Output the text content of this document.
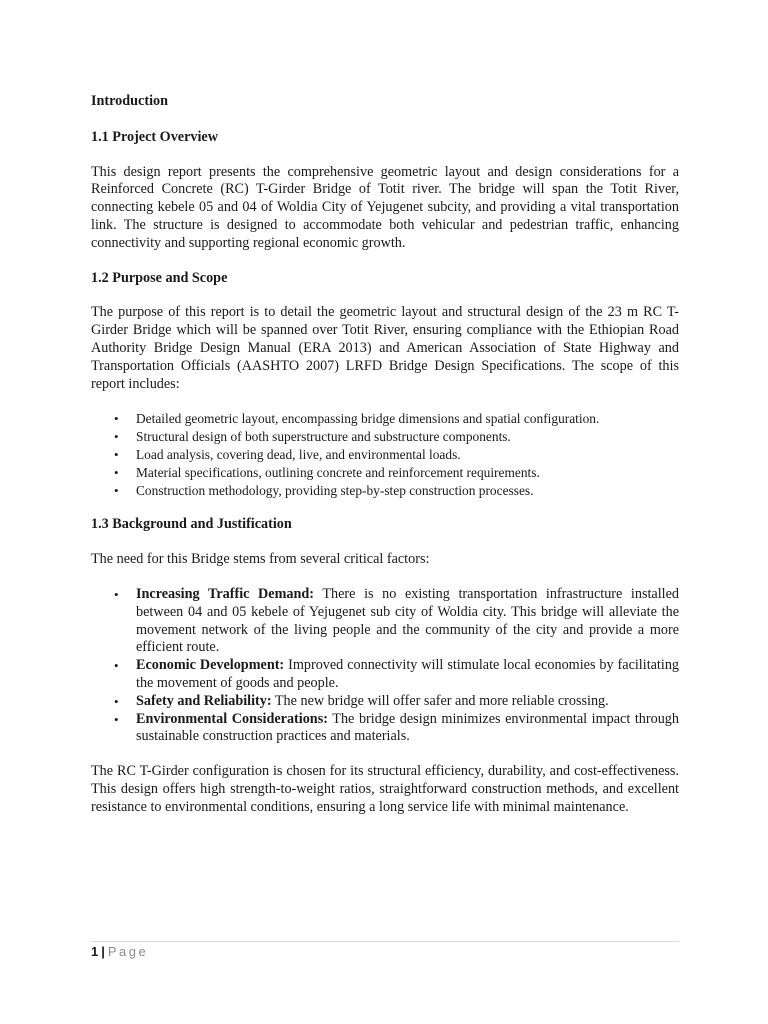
Introduction
1.1 Project Overview

This design report presents the comprehensive geometric layout and design considerations for a Reinforced Concrete (RC) T-Girder Bridge of Totit river. The bridge will span the Totit River, connecting kebele 05 and 04 of Woldia City of Yejugenet subcity, and providing a vital transportation link. The structure is designed to accommodate both vehicular and pedestrian traffic, enhancing connectivity and supporting regional economic growth.

1.2 Purpose and Scope

The purpose of this report is to detail the geometric layout and structural design of the 23 m RC T-Girder Bridge which will be spanned over Totit River, ensuring compliance with the Ethiopian Road Authority Bridge Design Manual (ERA 2013) and American Association of State Highway and Transportation Officials (AASHTO 2007) LRFD Bridge Design Specifications. The scope of this report includes:

• Detailed geometric layout, encompassing bridge dimensions and spatial configuration.
• Structural design of both superstructure and substructure components.
• Load analysis, covering dead, live, and environmental loads.
• Material specifications, outlining concrete and reinforcement requirements.
• Construction methodology, providing step-by-step construction processes.
1.3 Background and Justification

The need for this Bridge stems from several critical factors:

• Increasing Traffic Demand: There is no existing transportation infrastructure installed between 04 and 05 kebele of Yejugenet sub city of Woldia city. This bridge will alleviate the movement network of the living people and the community of the city and provide a more efficient route.
• Economic Development: Improved connectivity will stimulate local economies by facilitating the movement of goods and people.
• Safety and Reliability: The new bridge will offer safer and more reliable crossing.
• Environmental Considerations: The bridge design minimizes environmental impact through sustainable construction practices and materials.

The RC T-Girder configuration is chosen for its structural efficiency, durability, and cost-effectiveness. This design offers high strength-to-weight ratios, straightforward construction methods, and excellent resistance to environmental conditions, ensuring a long service life with minimal maintenance.

1 | Page
